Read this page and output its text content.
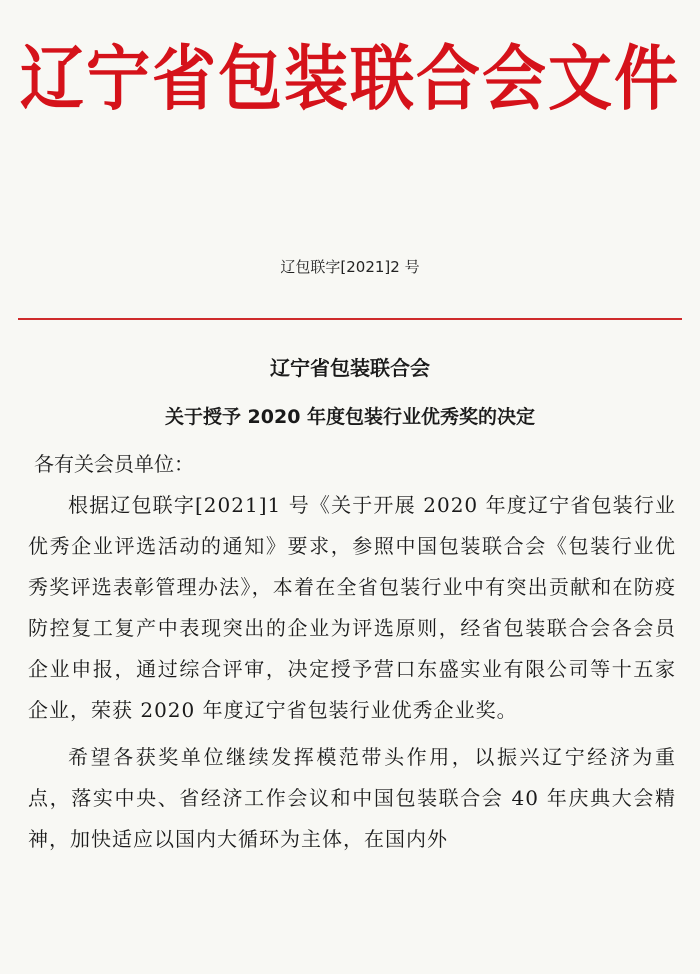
辽宁省包装联合会文件
辽包联字[2021]2 号
辽宁省包装联合会
关于授予 2020 年度包装行业优秀奖的决定

各有关会员单位：

根据辽包联字[2021]1 号《关于开展 2020 年度辽宁省包装行业优秀企业评选活动的通知》要求，参照中国包装联合会《包装行业优秀奖评选表彰管理办法》，本着在全省包装行业中有突出贡献和在防疫防控复工复产中表现突出的企业为评选原则，经省包装联合会各会员企业申报，通过综合评审，决定授予营口东盛实业有限公司等十五家企业，荣获 2020 年度辽宁省包装行业优秀企业奖。

希望各获奖单位继续发挥模范带头作用，以振兴辽宁经济为重点，落实中央、省经济工作会议和中国包装联合会 40 年庆典大会精神，加快适应以国内大循环为主体，在国内外
